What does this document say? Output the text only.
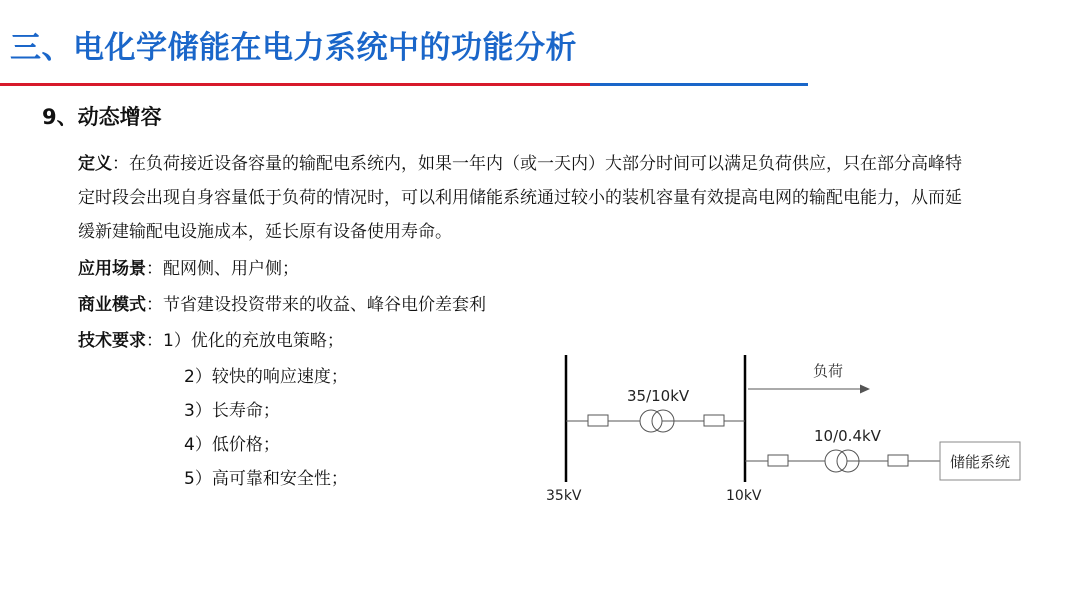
三、电化学储能在电力系统中的功能分析
9、动态增容
定义：在负荷接近设备容量的输配电系统内，如果一年内（或一天内）大部分时间可以满足负荷供应，只在部分高峰特
定时段会出现自身容量低于负荷的情况时，可以利用储能系统通过较小的装机容量有效提高电网的输配电能力，从而延
缓新建输配电设施成本，延长原有设备使用寿命。
应用场景：配网侧、用户侧；
商业模式：节省建设投资带来的收益、峰谷电价差套利
技术要求：1）优化的充放电策略；
2）较快的响应速度；
3）长寿命；
4）低价格；
5）高可靠和安全性；
35/10kV
负荷
10/0.4kV
储能系统
35kV	10kV
